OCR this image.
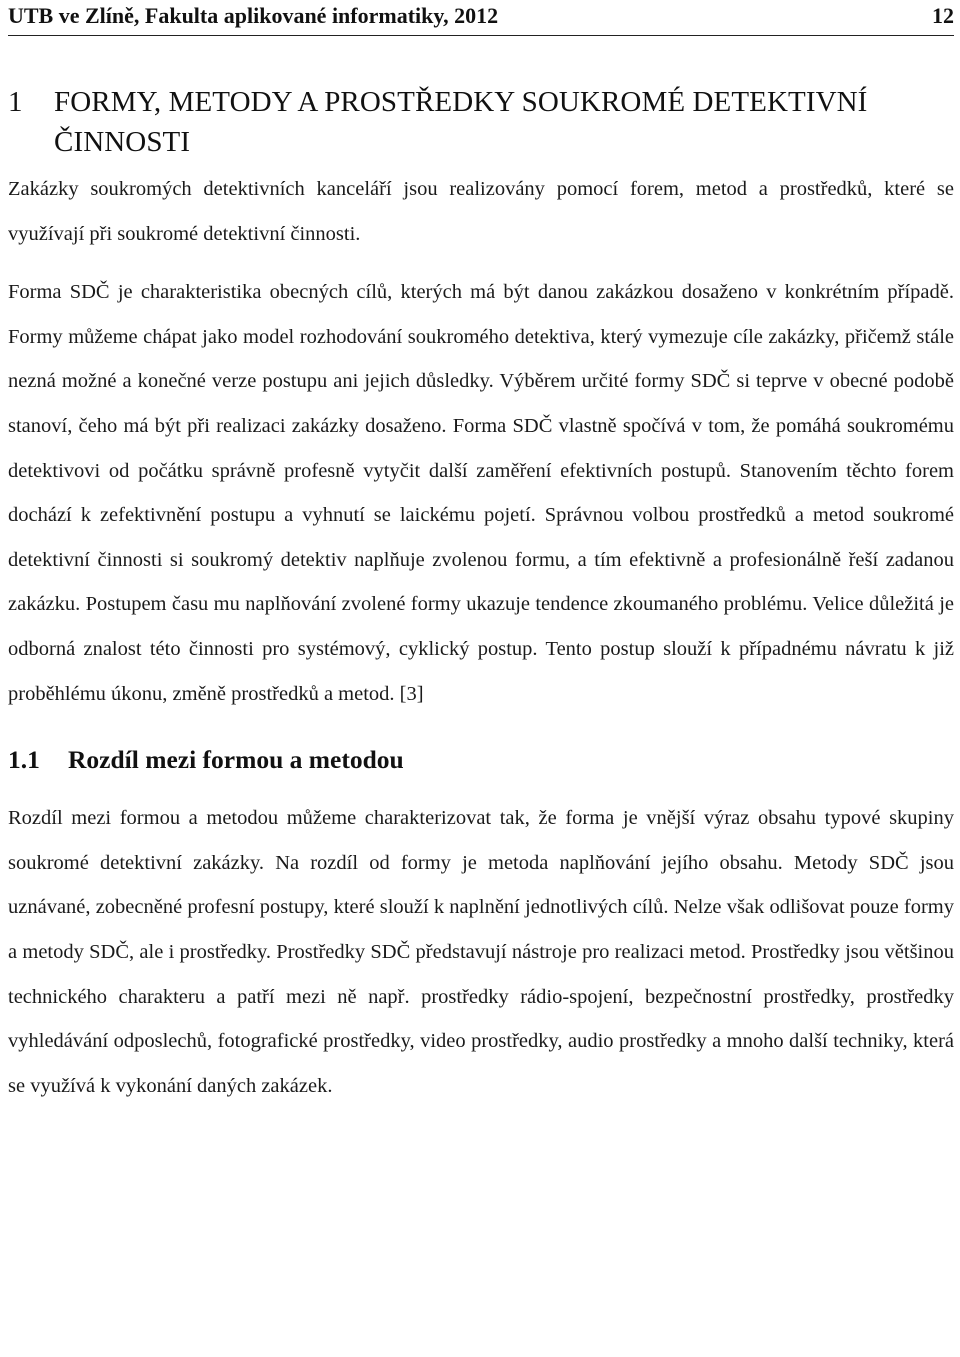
UTB ve Zlíně, Fakulta aplikované informatiky, 2012	12
1	FORMY, METODY A PROSTŘEDKY SOUKROMÉ DETEKTIVNÍ ČINNOSTI

Zakázky soukromých detektivních kanceláří jsou realizovány pomocí forem, metod a prostředků, které se využívají při soukromé detektivní činnosti.

Forma SDČ je charakteristika obecných cílů, kterých má být danou zakázkou dosaženo v konkrétním případě. Formy můžeme chápat jako model rozhodování soukromého detektiva, který vymezuje cíle zakázky, přičemž stále nezná možné a konečné verze postupu ani jejich důsledky. Výběrem určité formy SDČ si teprve v obecné podobě stanoví, čeho má být při realizaci zakázky dosaženo. Forma SDČ vlastně spočívá v tom, že pomáhá soukromému detektivovi od počátku správně profesně vytyčit další zaměření efektivních postupů. Stanovením těchto forem dochází k zefektivnění postupu a vyhnutí se laickému pojetí. Správnou volbou prostředků a metod soukromé detektivní činnosti si soukromý detektiv naplňuje zvolenou formu, a tím efektivně a profesionálně řeší zadanou zakázku. Postupem času mu naplňování zvolené formy ukazuje tendence zkoumaného problému. Velice důležitá je odborná znalost této činnosti pro systémový, cyklický postup. Tento postup slouží k případnému návratu k již proběhlému úkonu, změně prostředků a metod. [3]

1.1	Rozdíl mezi formou a metodou

Rozdíl mezi formou a metodou můžeme charakterizovat tak, že forma je vnější výraz obsahu typové skupiny soukromé detektivní zakázky. Na rozdíl od formy je metoda naplňování jejího obsahu. Metody SDČ jsou uznávané, zobecněné profesní postupy, které slouží k naplnění jednotlivých cílů. Nelze však odlišovat pouze formy a metody SDČ, ale i prostředky. Prostředky SDČ představují nástroje pro realizaci metod. Prostředky jsou většinou technického charakteru a patří mezi ně např. prostředky rádio-spojení, bezpečnostní prostředky, prostředky vyhledávání odposlechů, fotografické prostředky, video prostředky, audio prostředky a mnoho další techniky, která se využívá k vykonání daných zakázek.
